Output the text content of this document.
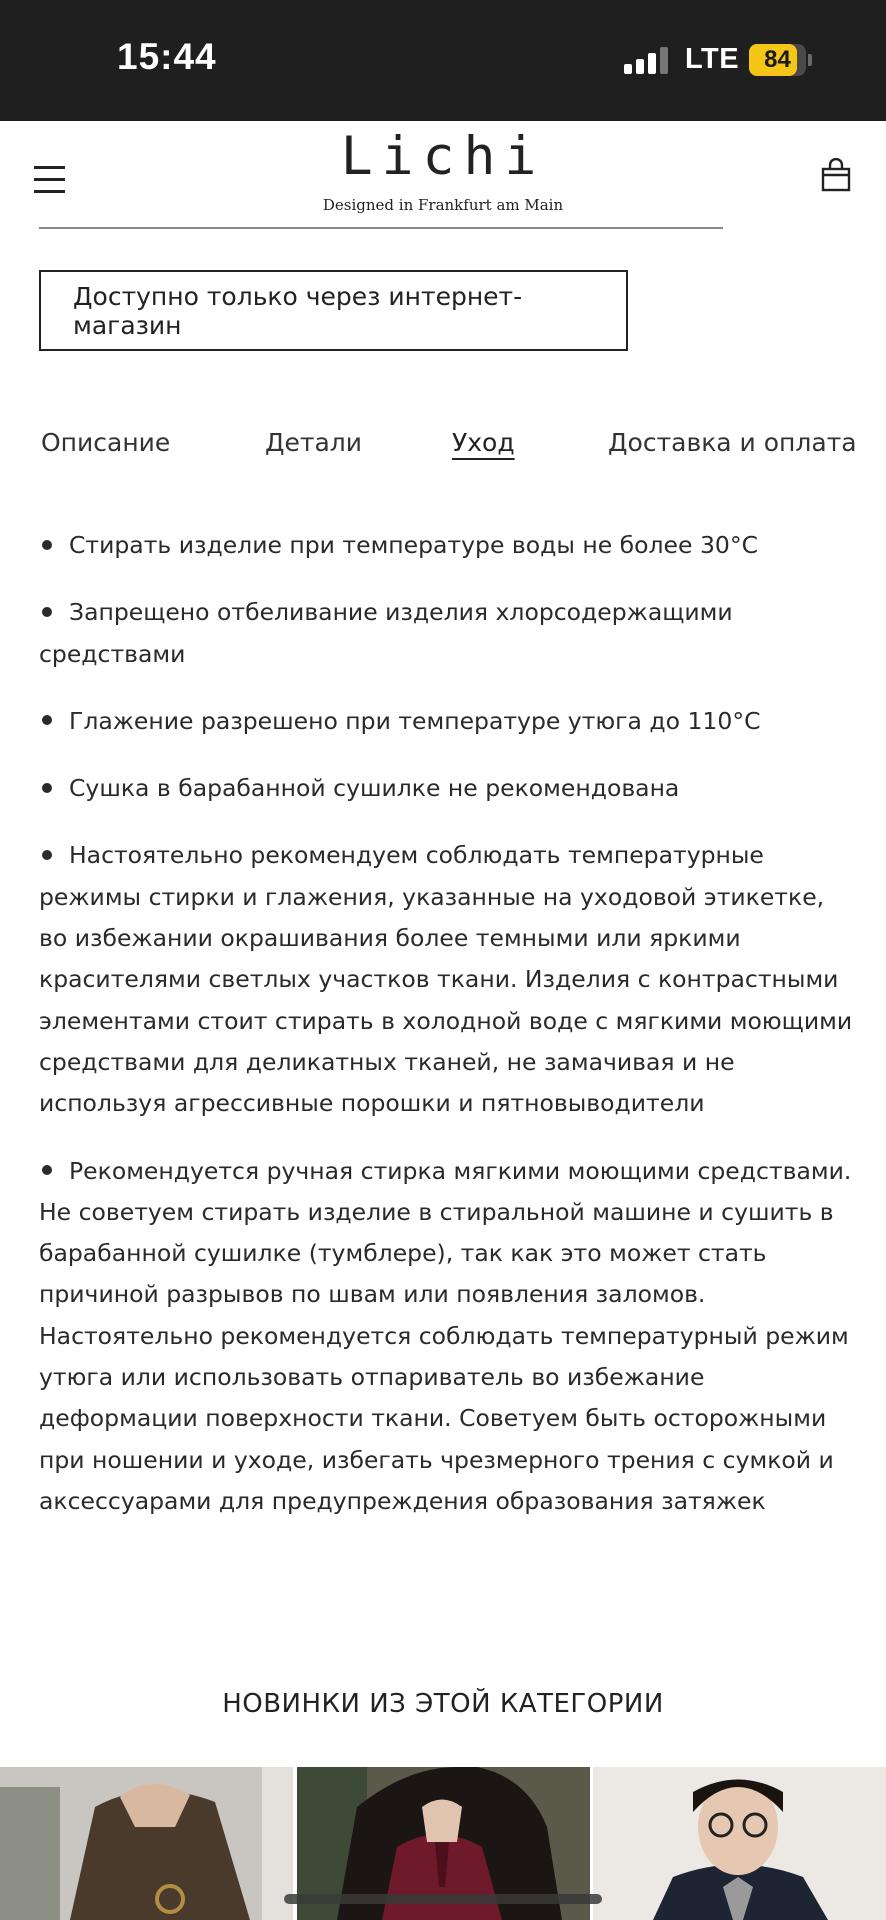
15:44	LTE	84
Lichi
Designed in Frankfurt am Main
Доступно только через интернет-магазин
Описание	Детали	Уход	Доставка и оплата
Стирать изделие при температуре воды не более 30°C
Запрещено отбеливание изделия хлорсодержащими средствами
Глажение разрешено при температуре утюга до 110°C
Сушка в барабанной сушилке не рекомендована
Настоятельно рекомендуем соблюдать температурные режимы стирки и глажения, указанные на уходовой этикетке, во избежании окрашивания более темными или яркими красителями светлых участков ткани. Изделия с контрастными элементами стоит стирать в холодной воде с мягкими моющими средствами для деликатных тканей, не замачивая и не используя агрессивные порошки и пятновыводители
Рекомендуется ручная стирка мягкими моющими средствами. Не советуем стирать изделие в стиральной машине и сушить в барабанной сушилке (тумблере), так как это может стать причиной разрывов по швам или появления заломов. Настоятельно рекомендуется соблюдать температурный режим утюга или использовать отпариватель во избежание деформации поверхности ткани. Советуем быть осторожными при ношении и уходе, избегать чрезмерного трения с сумкой и аксессуарами для предупреждения образования затяжек
НОВИНКИ ИЗ ЭТОЙ КАТЕГОРИИ
